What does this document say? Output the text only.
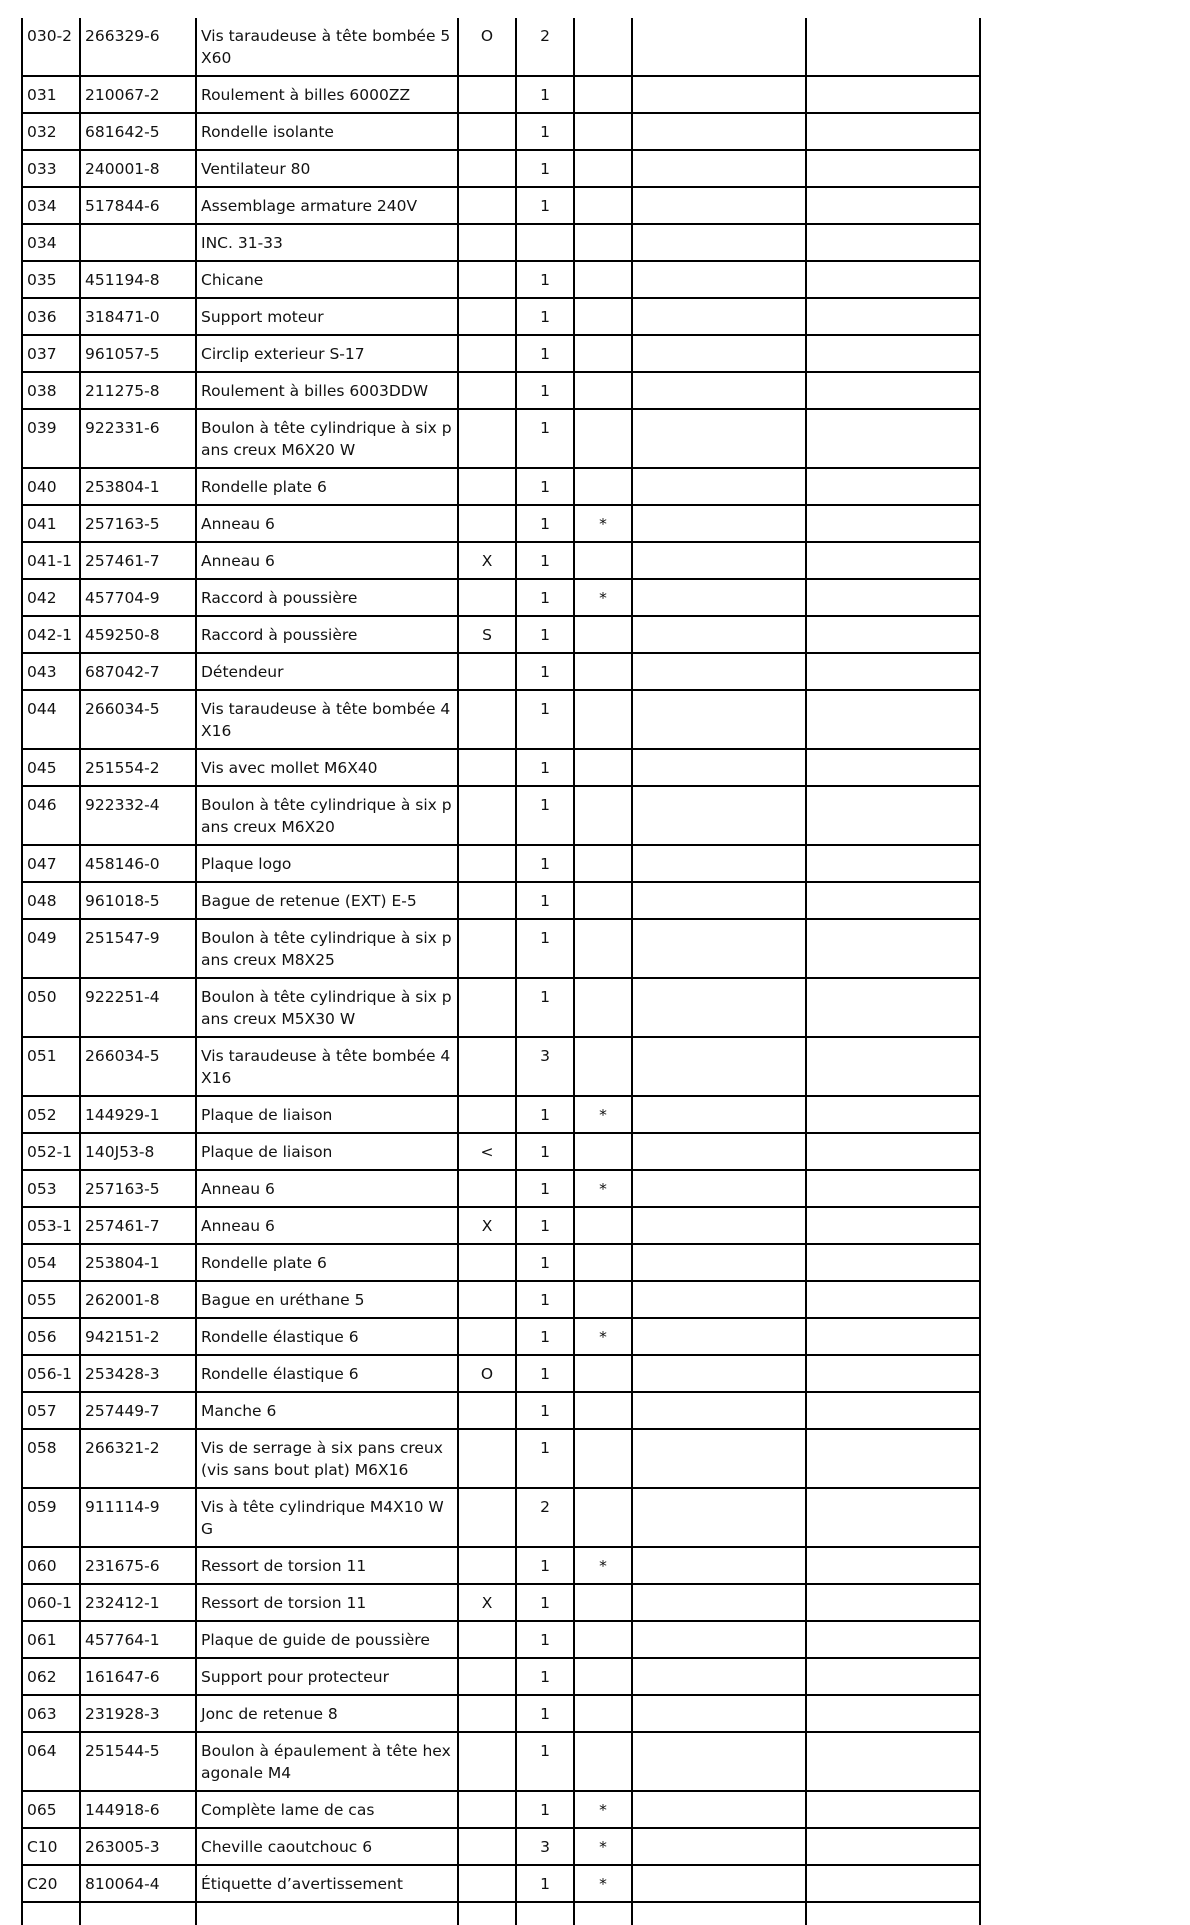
030-2	266329-6	Vis taraudeuse à tête bombée 5X60	O	2			
031	210067-2	Roulement à billes 6000ZZ		1			
032	681642-5	Rondelle isolante		1			
033	240001-8	Ventilateur 80		1			
034	517844-6	Assemblage armature 240V		1			
034		INC. 31-33					
035	451194-8	Chicane		1			
036	318471-0	Support moteur		1			
037	961057-5	Circlip exterieur S-17		1			
038	211275-8	Roulement à billes 6003DDW		1			
039	922331-6	Boulon à tête cylindrique à six pans creux M6X20 W		1			
040	253804-1	Rondelle plate 6		1			
041	257163-5	Anneau 6		1	*		
041-1	257461-7	Anneau 6	X	1			
042	457704-9	Raccord à poussière		1	*		
042-1	459250-8	Raccord à poussière	S	1			
043	687042-7	Détendeur		1			
044	266034-5	Vis taraudeuse à tête bombée 4X16		1			
045	251554-2	Vis avec mollet M6X40		1			
046	922332-4	Boulon à tête cylindrique à six pans creux M6X20		1			
047	458146-0	Plaque logo		1			
048	961018-5	Bague de retenue (EXT) E-5		1			
049	251547-9	Boulon à tête cylindrique à six pans creux M8X25		1			
050	922251-4	Boulon à tête cylindrique à six pans creux M5X30 W		1			
051	266034-5	Vis taraudeuse à tête bombée 4X16		3			
052	144929-1	Plaque de liaison		1	*		
052-1	140J53-8	Plaque de liaison	<	1			
053	257163-5	Anneau 6		1	*		
053-1	257461-7	Anneau 6	X	1			
054	253804-1	Rondelle plate 6		1			
055	262001-8	Bague en uréthane 5		1			
056	942151-2	Rondelle élastique 6		1	*		
056-1	253428-3	Rondelle élastique 6	O	1			
057	257449-7	Manche 6		1			
058	266321-2	Vis de serrage à six pans creux (vis sans bout plat) M6X16		1			
059	911114-9	Vis à tête cylindrique M4X10 WG		2			
060	231675-6	Ressort de torsion 11		1	*		
060-1	232412-1	Ressort de torsion 11	X	1			
061	457764-1	Plaque de guide de poussière		1			
062	161647-6	Support pour protecteur		1			
063	231928-3	Jonc de retenue 8		1			
064	251544-5	Boulon à épaulement à tête hexagonale M4		1			
065	144918-6	Complète lame de cas		1	*		
C10	263005-3	Cheville caoutchouc 6		3	*		
C20	810064-4	Étiquette d’avertissement		1	*		
